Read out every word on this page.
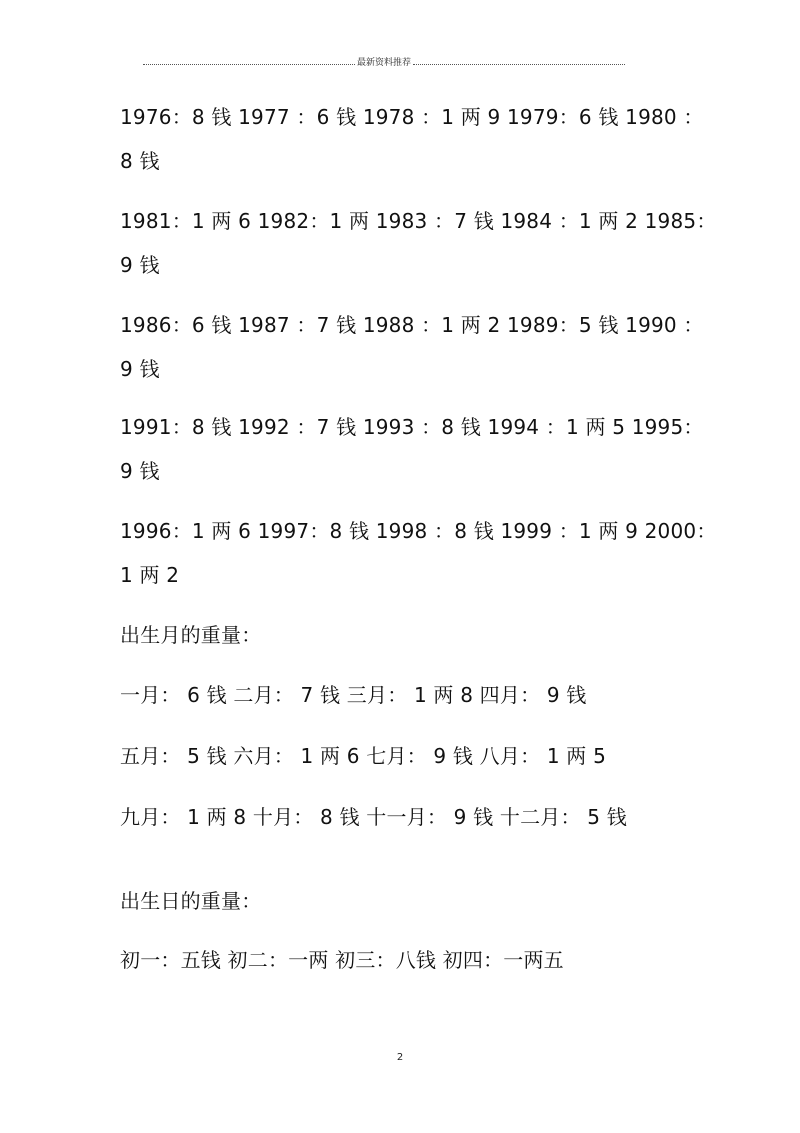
最新资料推荐
1976：8 钱 1977 ：6 钱 1978 ：1 两 9 1979：6 钱 1980 ：
8 钱
1981：1 两 6 1982：1 两 1983 ：7 钱 1984 ：1 两 2 1985：
9 钱
1986：6 钱 1987 ：7 钱 1988 ：1 两 2 1989：5 钱 1990 ：
9 钱
1991：8 钱 1992 ：7 钱 1993 ：8 钱 1994 ：1 两 5 1995：
9 钱
1996：1 两 6 1997：8 钱 1998 ：8 钱 1999 ：1 两 9 2000：
1 两 2
出生月的重量：
一月： 6 钱 二月： 7 钱 三月： 1 两 8 四月： 9 钱
五月： 5 钱 六月： 1 两 6 七月： 9 钱 八月： 1 两 5
九月： 1 两 8 十月： 8 钱 十一月： 9 钱 十二月： 5 钱
出生日的重量：
初一：五钱 初二：一两 初三：八钱 初四：一两五
2
